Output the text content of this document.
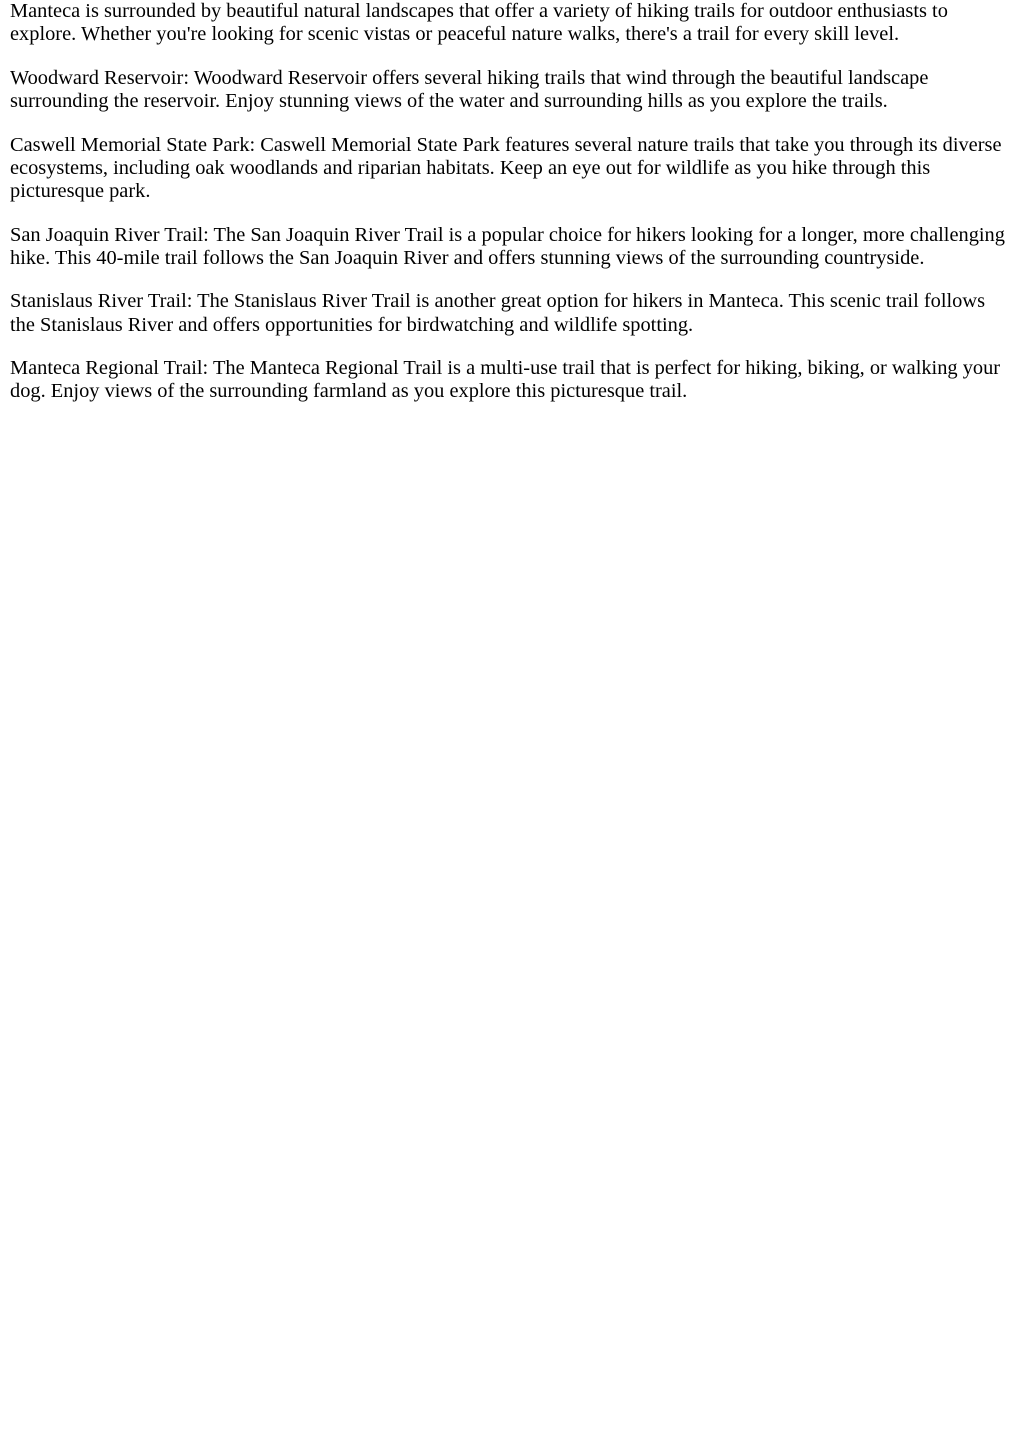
Manteca is surrounded by beautiful natural landscapes that offer a variety of hiking trails for outdoor enthusiasts to explore. Whether you're looking for scenic vistas or peaceful nature walks, there's a trail for every skill level.

Woodward Reservoir: Woodward Reservoir offers several hiking trails that wind through the beautiful landscape surrounding the reservoir. Enjoy stunning views of the water and surrounding hills as you explore the trails.

Caswell Memorial State Park: Caswell Memorial State Park features several nature trails that take you through its diverse ecosystems, including oak woodlands and riparian habitats. Keep an eye out for wildlife as you hike through this picturesque park.

San Joaquin River Trail: The San Joaquin River Trail is a popular choice for hikers looking for a longer, more challenging hike. This 40-mile trail follows the San Joaquin River and offers stunning views of the surrounding countryside.

Stanislaus River Trail: The Stanislaus River Trail is another great option for hikers in Manteca. This scenic trail follows the Stanislaus River and offers opportunities for birdwatching and wildlife spotting.

Manteca Regional Trail: The Manteca Regional Trail is a multi-use trail that is perfect for hiking, biking, or walking your dog. Enjoy views of the surrounding farmland as you explore this picturesque trail.
